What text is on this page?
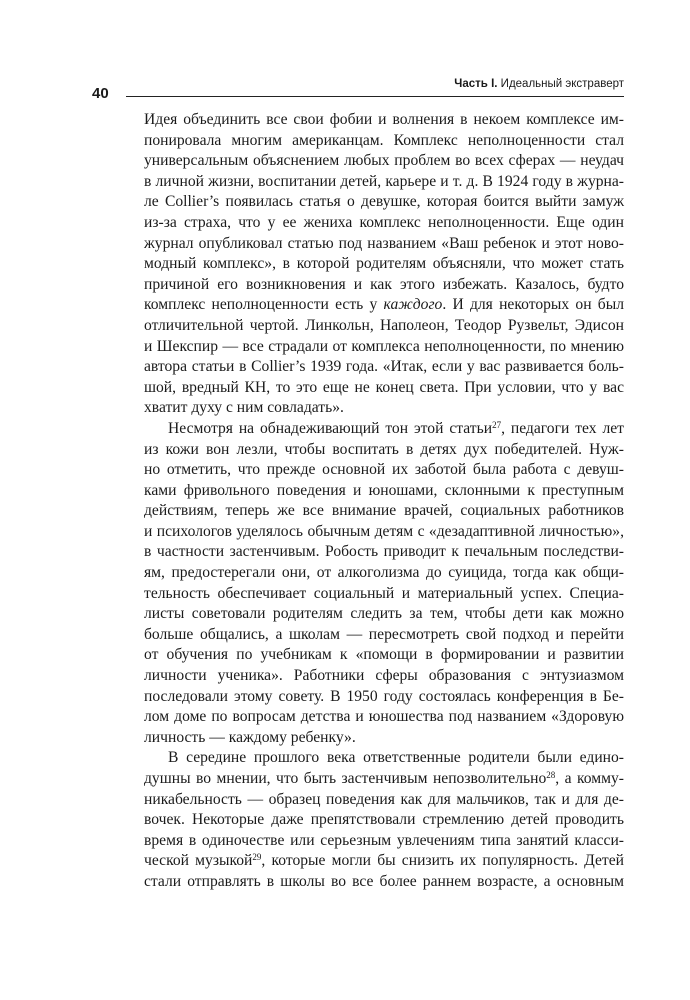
40
Часть I. Идеальный экстраверт

Идея объединить все свои фобии и волнения в некоем комплексе им-

понировала многим американцам. Комплекс неполноценности стал

универсальным объяснением любых проблем во всех сферах — неудач

в личной жизни, воспитании детей, карьере и т. д. В 1924 году в журна-

ле Collier’s появилась статья о девушке, которая боится выйти замуж

из-за страха, что у ее жениха комплекс неполноценности. Еще один

журнал опубликовал статью под названием «Ваш ребенок и этот ново-

модный комплекс», в которой родителям объясняли, что может стать

причиной его возникновения и как этого избежать. Казалось, будто

комплекс неполноценности есть у каждого. И для некоторых он был

отличительной чертой. Линкольн, Наполеон, Теодор Рузвельт, Эдисон

и Шекспир — все страдали от комплекса неполноценности, по мнению

автора статьи в Collier’s 1939 года. «Итак, если у вас развивается боль-

шой, вредный КН, то это еще не конец света. При условии, что у вас

хватит духу с ним совладать».

Несмотря на обнадеживающий тон этой статьи$^{27}$, педагоги тех лет

из кожи вон лезли, чтобы воспитать в детях дух победителей. Нуж-

но отметить, что прежде основной их заботой была работа с девуш-

ками фривольного поведения и юношами, склонными к преступным

действиям, теперь же все внимание врачей, социальных работников

и психологов уделялось обычным детям с «дезадаптивной личностью»,

в частности застенчивым. Робость приводит к печальным последстви-

ям, предостерегали они, от алкоголизма до суицида, тогда как общи-

тельность обеспечивает социальный и материальный успех. Специа-

листы советовали родителям следить за тем, чтобы дети как можно

больше общались, а школам — пересмотреть свой подход и перейти

от обучения по учебникам к «помощи в формировании и развитии

личности ученика». Работники сферы образования с энтузиазмом

последовали этому совету. В 1950 году состоялась конференция в Бе-

лом доме по вопросам детства и юношества под названием «Здоровую

личность — каждому ребенку».

В середине прошлого века ответственные родители были едино-

душны во мнении, что быть застенчивым непозволительно$^{28}$, а комму-

никабельность — образец поведения как для мальчиков, так и для де-

вочек. Некоторые даже препятствовали стремлению детей проводить

время в одиночестве или серьезным увлечениям типа занятий класси-

ческой музыкой$^{29}$, которые могли бы снизить их популярность. Детей

стали отправлять в школы во все более раннем возрасте, а основным
